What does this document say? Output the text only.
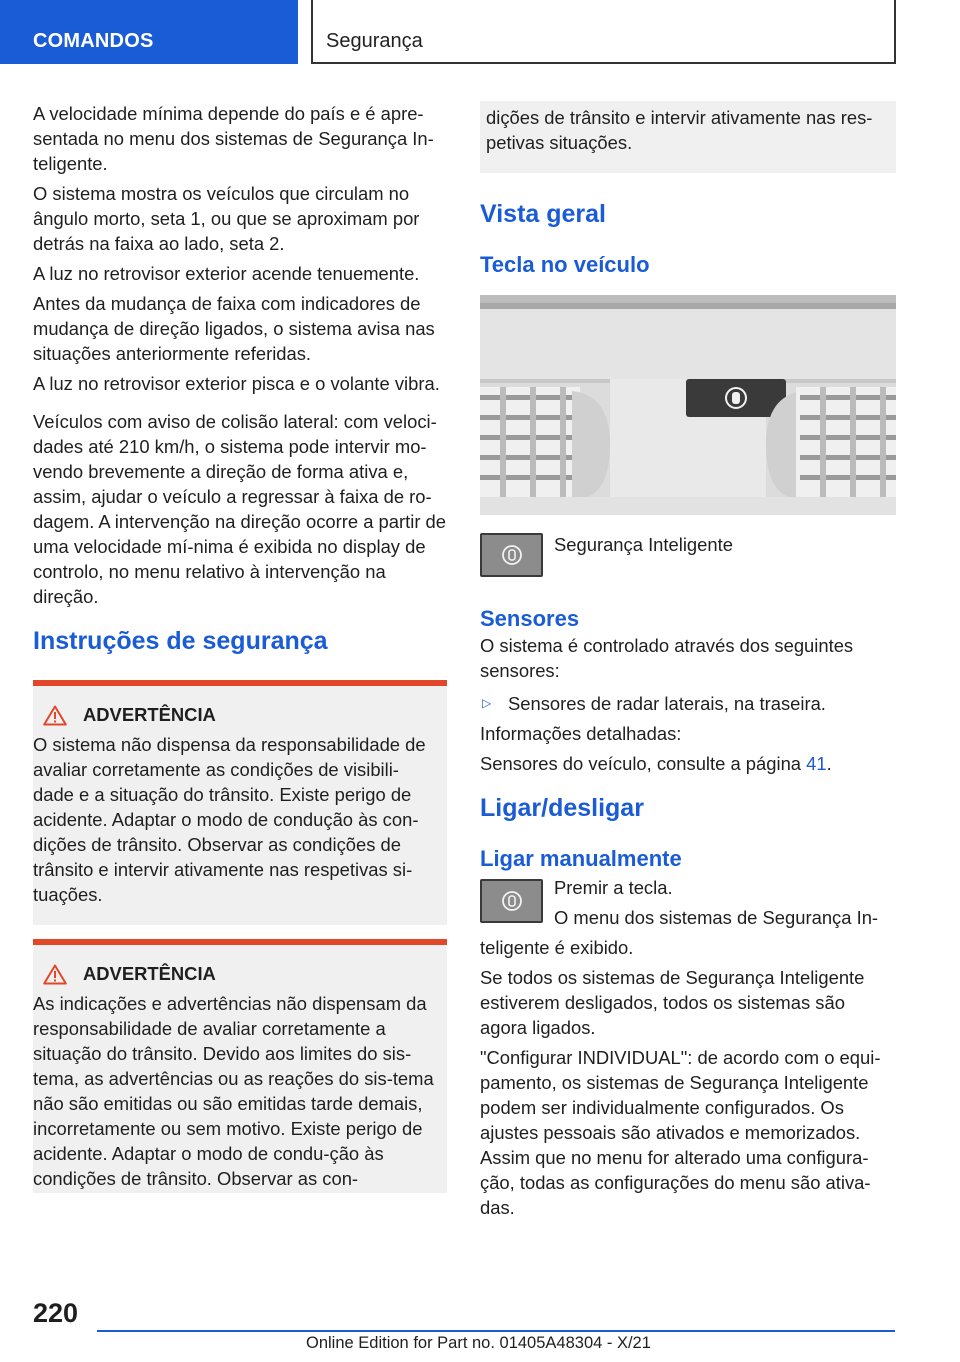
COMANDOS	Segurança

A velocidade mínima depende do país e é apre-sentada no menu dos sistemas de Segurança In-teligente.

O sistema mostra os veículos que circulam no ângulo morto, seta 1, ou que se aproximam por detrás na faixa ao lado, seta 2.

A luz no retrovisor exterior acende tenuemente.

Antes da mudança de faixa com indicadores de mudança de direção ligados, o sistema avisa nas situações anteriormente referidas.

A luz no retrovisor exterior pisca e o volante vibra.

Veículos com aviso de colisão lateral: com veloci-dades até 210 km/h, o sistema pode intervir mo-vendo brevemente a direção de forma ativa e, assim, ajudar o veículo a regressar à faixa de ro-dagem. A intervenção na direção ocorre a partir de uma velocidade mí-nima é exibida no display de controlo, no menu relativo à intervenção na direção.

Instruções de segurança
ADVERTÊNCIA

O sistema não dispensa da responsabilidade de avaliar corretamente as condições de visibili-dade e a situação do trânsito. Existe perigo de acidente. Adaptar o modo de condução às con-dições de trânsito. Observar as condições de trânsito e intervir ativamente nas respetivas si-tuações.

ADVERTÊNCIA

As indicações e advertências não dispensam da responsabilidade de avaliar corretamente a situação do trânsito. Devido aos limites do sis-tema, as advertências ou as reações do sis-tema não são emitidas ou são emitidas tarde demais, incorretamente ou sem motivo. Existe perigo de acidente. Adaptar o modo de condu-ção às condições de trânsito. Observar as con-

dições de trânsito e intervir ativamente nas res-petivas situações.

Vista geral
Tecla no veículo

Segurança Inteligente

Sensores

O sistema é controlado através dos seguintes sensores:

▷ Sensores de radar laterais, na traseira.

Informações detalhadas:

Sensores do veículo, consulte a página 41.

Ligar/desligar
Ligar manualmente

Premir a tecla.

O menu dos sistemas de Segurança In-

teligente é exibido.

Se todos os sistemas de Segurança Inteligente estiverem desligados, todos os sistemas são agora ligados.

"Configurar INDIVIDUAL": de acordo com o equi-pamento, os sistemas de Segurança Inteligente podem ser individualmente configurados. Os ajustes pessoais são ativados e memorizados. Assim que no menu for alterado uma configura-ção, todas as configurações do menu são ativa-das.

220
Online Edition for Part no. 01405A48304 - X/21
